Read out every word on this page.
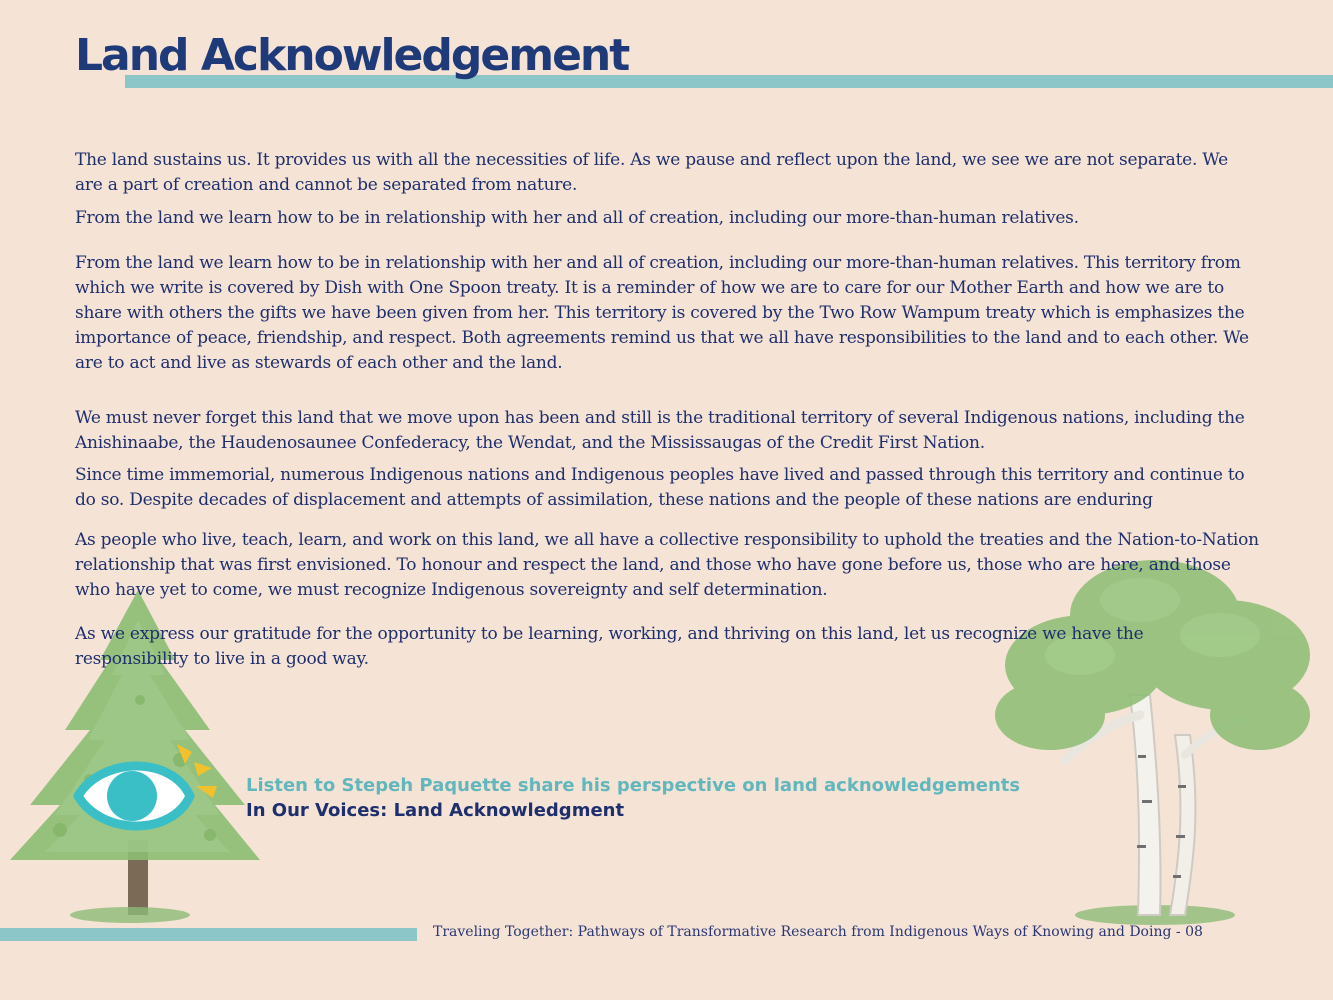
Land Acknowledgement

The land sustains us. It provides us with all the necessities of life. As we pause and reflect upon the land, we see we are not separate. We are a part of creation and cannot be separated from nature.

From the land we learn how to be in relationship with her and all of creation, including our more-than-human relatives.

From the land we learn how to be in relationship with her and all of creation, including our more-than-human relatives. This territory from which we write is covered by Dish with One Spoon treaty. It is a reminder of how we are to care for our Mother Earth and how we are to share with others the gifts we have been given from her. This territory is covered by the Two Row Wampum treaty which is emphasizes the importance of peace, friendship, and respect. Both agreements remind us that we all have responsibilities to the land and to each other. We are to act and live as stewards of each other and the land.

We must never forget this land that we move upon has been and still is the traditional territory of several Indigenous nations, including the Anishinaabe, the Haudenosaunee Confederacy, the Wendat, and the Mississaugas of the Credit First Nation.

Since time immemorial, numerous Indigenous nations and Indigenous peoples have lived and passed through this territory and continue to do so. Despite decades of displacement and attempts of assimilation, these nations and the people of these nations are enduring

As people who live, teach, learn, and work on this land, we all have a collective responsibility to uphold the treaties and the Nation-to-Nation relationship that was first envisioned. To honour and respect the land, and those who have gone before us, those who are here, and those who have yet to come, we must recognize Indigenous sovereignty and self determination.

As we express our gratitude for the opportunity to be learning, working, and thriving on this land, let us recognize we have the responsibility to live in a good way.

Listen to Stepeh Paquette share his perspective on land acknowledgements
In Our Voices: Land Acknowledgment
Traveling Together: Pathways of Transformative Research from Indigenous Ways of Knowing and Doing - 08
